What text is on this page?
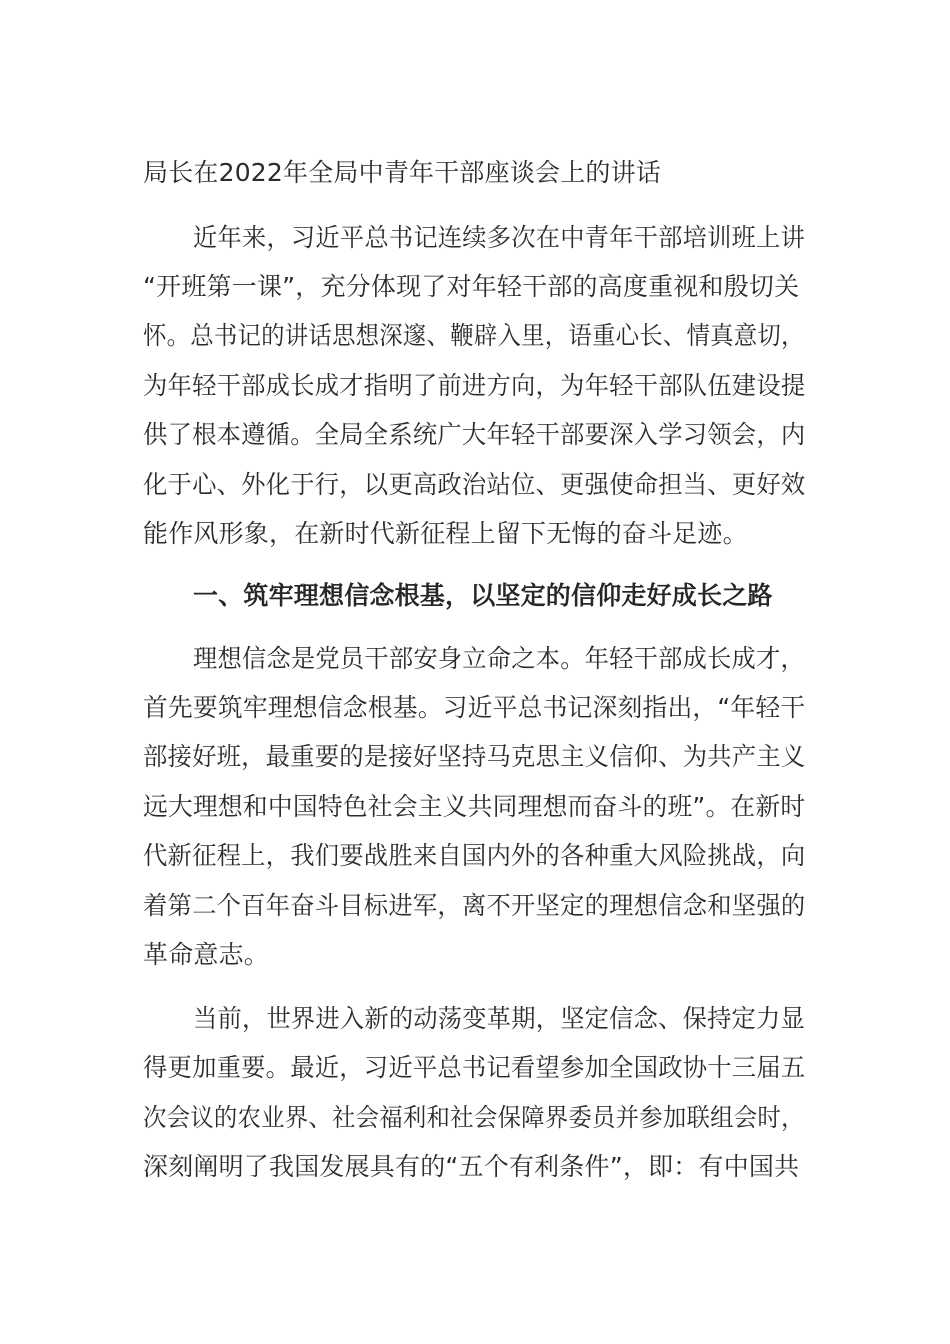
局长在2022年全局中青年干部座谈会上的讲话
近年来，习近平总书记连续多次在中青年干部培训班上讲
“开班第一课”，充分体现了对年轻干部的高度重视和殷切关
怀。总书记的讲话思想深邃、鞭辟入里，语重心长、情真意切，
为年轻干部成长成才指明了前进方向，为年轻干部队伍建设提
供了根本遵循。全局全系统广大年轻干部要深入学习领会，内
化于心、外化于行，以更高政治站位、更强使命担当、更好效
能作风形象，在新时代新征程上留下无悔的奋斗足迹。
一、筑牢理想信念根基，以坚定的信仰走好成长之路
理想信念是党员干部安身立命之本。年轻干部成长成才，
首先要筑牢理想信念根基。习近平总书记深刻指出，“年轻干
部接好班，最重要的是接好坚持马克思主义信仰、为共产主义
远大理想和中国特色社会主义共同理想而奋斗的班”。在新时
代新征程上，我们要战胜来自国内外的各种重大风险挑战，向
着第二个百年奋斗目标进军，离不开坚定的理想信念和坚强的
革命意志。
当前，世界进入新的动荡变革期，坚定信念、保持定力显
得更加重要。最近，习近平总书记看望参加全国政协十三届五
次会议的农业界、社会福利和社会保障界委员并参加联组会时，
深刻阐明了我国发展具有的“五个有利条件”，即：有中国共
